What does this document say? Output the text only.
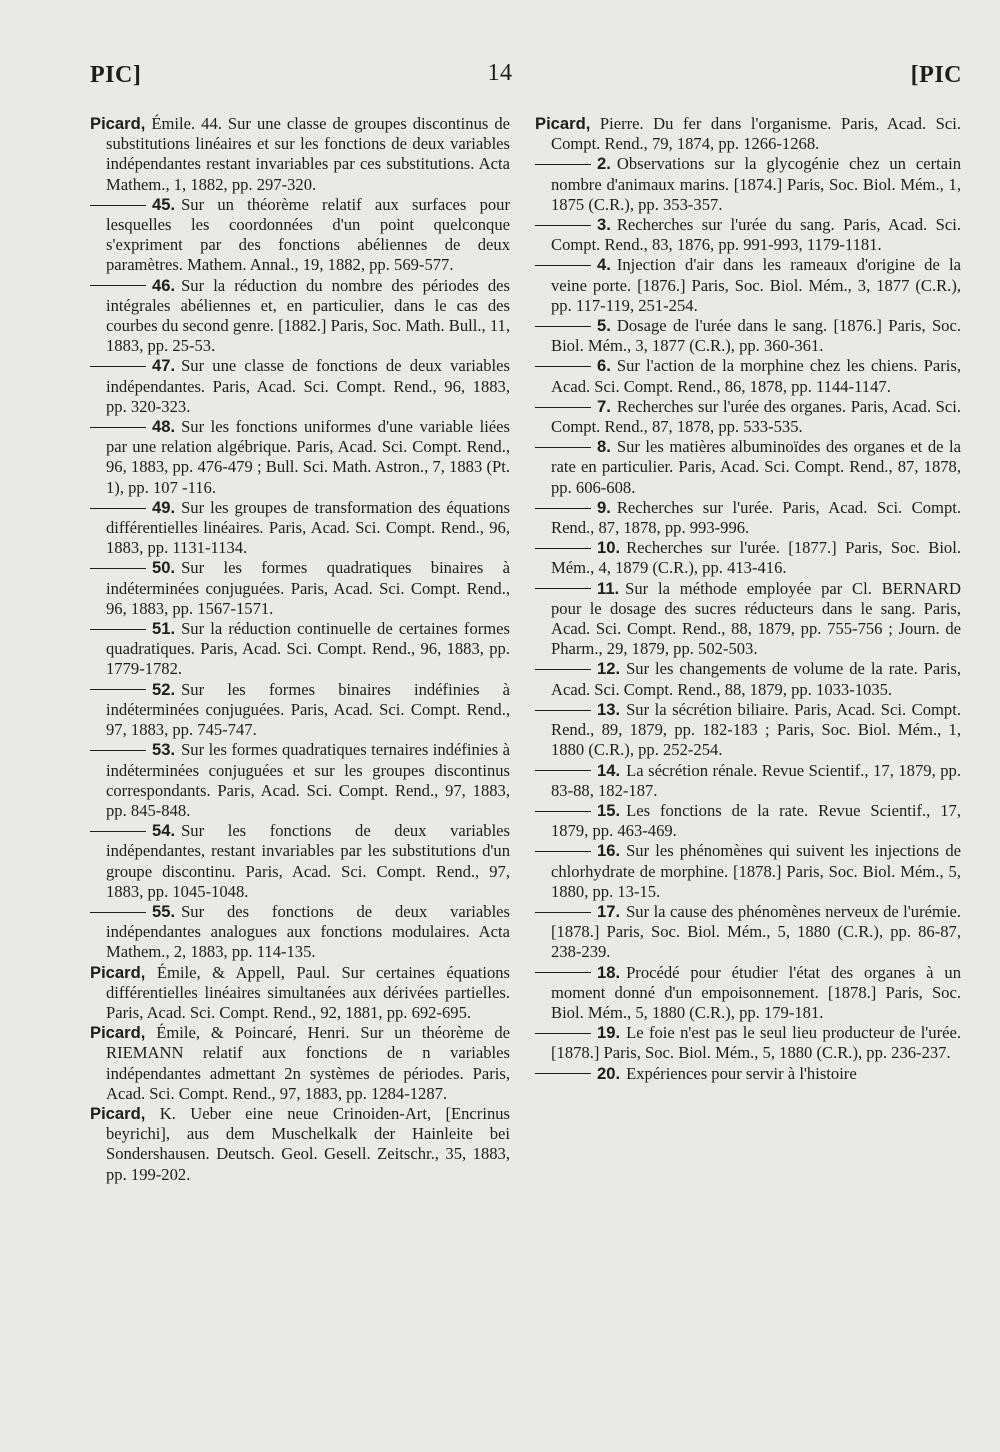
PIC]	14	[PIC

Picard, Émile. 44. Sur une classe de groupes discontinus de substitutions linéaires et sur les fonctions de deux variables indépendantes restant invariables par ces substitutions. Acta Mathem., 1, 1882, pp. 297-320.

45. Sur un théorème relatif aux surfaces pour lesquelles les coordonnées d'un point quelconque s'expriment par des fonctions abéliennes de deux paramètres. Mathem. Annal., 19, 1882, pp. 569-577.

46. Sur la réduction du nombre des périodes des intégrales abéliennes et, en particulier, dans le cas des courbes du second genre. [1882.] Paris, Soc. Math. Bull., 11, 1883, pp. 25-53.

47. Sur une classe de fonctions de deux variables indépendantes. Paris, Acad. Sci. Compt. Rend., 96, 1883, pp. 320-323.

48. Sur les fonctions uniformes d'une variable liées par une relation algébrique. Paris, Acad. Sci. Compt. Rend., 96, 1883, pp. 476-479 ; Bull. Sci. Math. Astron., 7, 1883 (Pt. 1), pp. 107 -116.

49. Sur les groupes de transformation des équations différentielles linéaires. Paris, Acad. Sci. Compt. Rend., 96, 1883, pp. 1131-1134.

50. Sur les formes quadratiques binaires à indéterminées conjuguées. Paris, Acad. Sci. Compt. Rend., 96, 1883, pp. 1567-1571.

51. Sur la réduction continuelle de certaines formes quadratiques. Paris, Acad. Sci. Compt. Rend., 96, 1883, pp. 1779-1782.

52. Sur les formes binaires indéfinies à indéterminées conjuguées. Paris, Acad. Sci. Compt. Rend., 97, 1883, pp. 745-747.

53. Sur les formes quadratiques ternaires indéfinies à indéterminées conjuguées et sur les groupes discontinus correspondants. Paris, Acad. Sci. Compt. Rend., 97, 1883, pp. 845-848.

54. Sur les fonctions de deux variables indépendantes, restant invariables par les substitutions d'un groupe discontinu. Paris, Acad. Sci. Compt. Rend., 97, 1883, pp. 1045-1048.

55. Sur des fonctions de deux variables indépendantes analogues aux fonctions modulaires. Acta Mathem., 2, 1883, pp. 114-135.

Picard, Émile, & Appell, Paul. Sur certaines équations différentielles linéaires simultanées aux dérivées partielles. Paris, Acad. Sci. Compt. Rend., 92, 1881, pp. 692-695.

Picard, Émile, & Poincaré, Henri. Sur un théorème de RIEMANN relatif aux fonctions de n variables indépendantes admettant 2n systèmes de périodes. Paris, Acad. Sci. Compt. Rend., 97, 1883, pp. 1284-1287.

Picard, K. Ueber eine neue Crinoiden-Art, [Encrinus beyrichi], aus dem Muschelkalk der Hainleite bei Sondershausen. Deutsch. Geol. Gesell. Zeitschr., 35, 1883, pp. 199-202.

Picard, Pierre. Du fer dans l'organisme. Paris, Acad. Sci. Compt. Rend., 79, 1874, pp. 1266-1268.

2. Observations sur la glycogénie chez un certain nombre d'animaux marins. [1874.] Paris, Soc. Biol. Mém., 1, 1875 (C.R.), pp. 353-357.

3. Recherches sur l'urée du sang. Paris, Acad. Sci. Compt. Rend., 83, 1876, pp. 991-993, 1179-1181.

4. Injection d'air dans les rameaux d'origine de la veine porte. [1876.] Paris, Soc. Biol. Mém., 3, 1877 (C.R.), pp. 117-119, 251-254.

5. Dosage de l'urée dans le sang. [1876.] Paris, Soc. Biol. Mém., 3, 1877 (C.R.), pp. 360-361.

6. Sur l'action de la morphine chez les chiens. Paris, Acad. Sci. Compt. Rend., 86, 1878, pp. 1144-1147.

7. Recherches sur l'urée des organes. Paris, Acad. Sci. Compt. Rend., 87, 1878, pp. 533-535.

8. Sur les matières albuminoïdes des organes et de la rate en particulier. Paris, Acad. Sci. Compt. Rend., 87, 1878, pp. 606-608.

9. Recherches sur l'urée. Paris, Acad. Sci. Compt. Rend., 87, 1878, pp. 993-996.

10. Recherches sur l'urée. [1877.] Paris, Soc. Biol. Mém., 4, 1879 (C.R.), pp. 413-416.

11. Sur la méthode employée par Cl. BERNARD pour le dosage des sucres réducteurs dans le sang. Paris, Acad. Sci. Compt. Rend., 88, 1879, pp. 755-756 ; Journ. de Pharm., 29, 1879, pp. 502-503.

12. Sur les changements de volume de la rate. Paris, Acad. Sci. Compt. Rend., 88, 1879, pp. 1033-1035.

13. Sur la sécrétion biliaire. Paris, Acad. Sci. Compt. Rend., 89, 1879, pp. 182-183 ; Paris, Soc. Biol. Mém., 1, 1880 (C.R.), pp. 252-254.

14. La sécrétion rénale. Revue Scientif., 17, 1879, pp. 83-88, 182-187.

15. Les fonctions de la rate. Revue Scientif., 17, 1879, pp. 463-469.

16. Sur les phénomènes qui suivent les injections de chlorhydrate de morphine. [1878.] Paris, Soc. Biol. Mém., 5, 1880, pp. 13-15.

17. Sur la cause des phénomènes nerveux de l'urémie. [1878.] Paris, Soc. Biol. Mém., 5, 1880 (C.R.), pp. 86-87, 238-239.

18. Procédé pour étudier l'état des organes à un moment donné d'un empoisonnement. [1878.] Paris, Soc. Biol. Mém., 5, 1880 (C.R.), pp. 179-181.

19. Le foie n'est pas le seul lieu producteur de l'urée. [1878.] Paris, Soc. Biol. Mém., 5, 1880 (C.R.), pp. 236-237.

20. Expériences pour servir à l'histoire
